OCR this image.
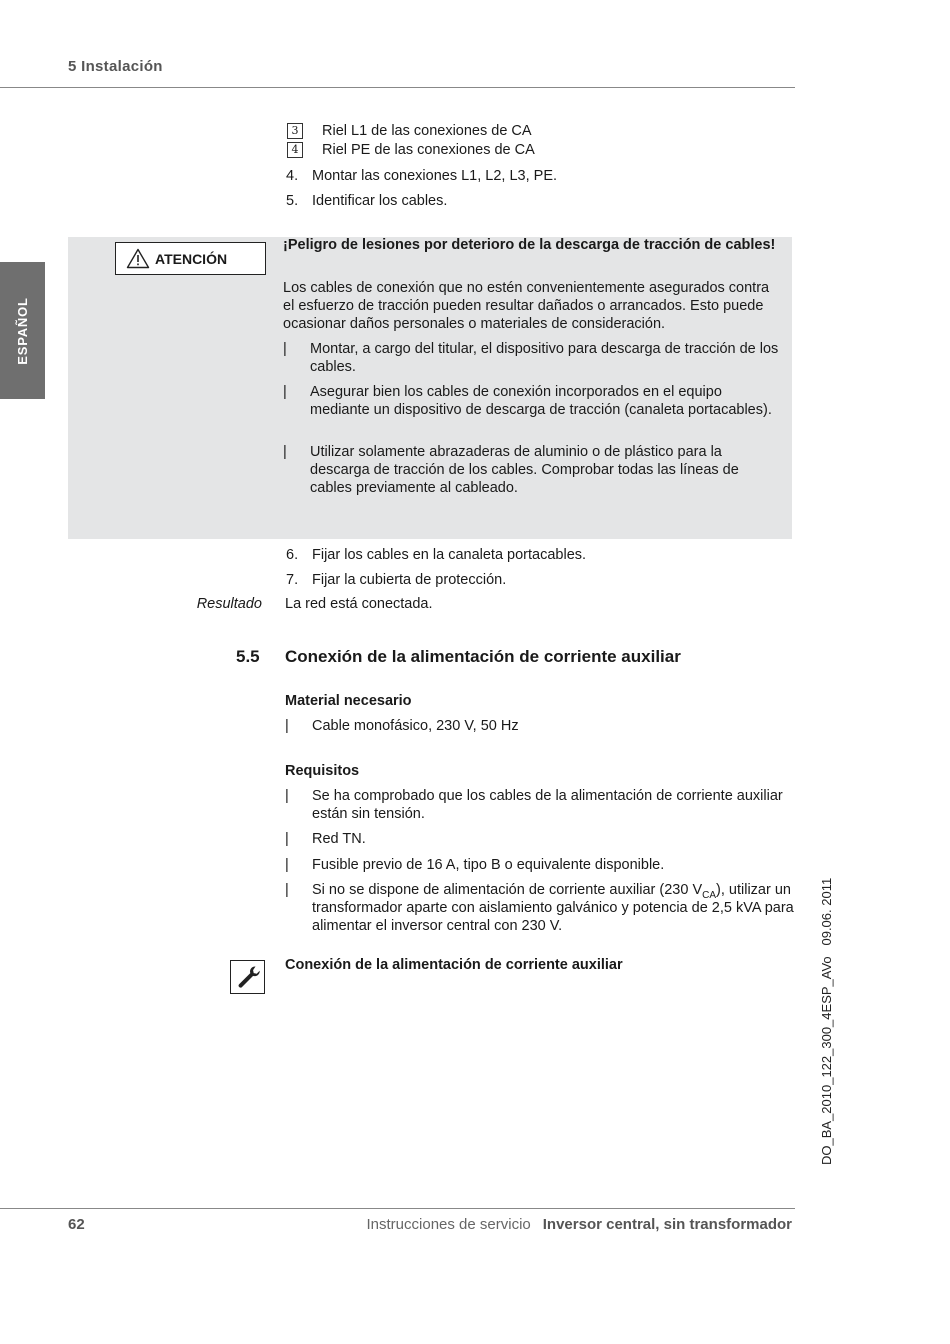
5 Instalación
ESPAÑOL
3	Riel L1 de las conexiones de CA
4	Riel PE de las conexiones de CA
4. Montar las conexiones L1, L2, L3, PE.
5. Identificar los cables.
ATENCIÓN
¡Peligro de lesiones por deterioro de la descarga de tracción de cables!
Los cables de conexión que no estén convenientemente asegurados contra el esfuerzo de tracción pueden resultar dañados o arrancados. Esto puede ocasionar daños personales o materiales de consideración.
|	Montar, a cargo del titular, el dispositivo para descarga de tracción de los cables.
|	Asegurar bien los cables de conexión incorporados en el equipo mediante un dispositivo de descarga de tracción (canaleta portacables).
|	Utilizar solamente abrazaderas de aluminio o de plástico para la descarga de tracción de los cables. Comprobar todas las líneas de cables previamente al cableado.
6. Fijar los cables en la canaleta portacables.
7. Fijar la cubierta de protección.
Resultado La red está conectada.
5.5 Conexión de la alimentación de corriente auxiliar
Material necesario
|	Cable monofásico, 230 V, 50 Hz
Requisitos
|	Se ha comprobado que los cables de la alimentación de corriente auxiliar están sin tensión.
|	Red TN.
|	Fusible previo de 16 A, tipo B o equivalente disponible.
|	Si no se dispone de alimentación de corriente auxiliar (230 $V_{CA}$), utilizar un transformador aparte con aislamiento galvánico y potencia de 2,5 kVA para alimentar el inversor central con 230 V.
Conexión de la alimentación de corriente auxiliar	DO_BA_2010_122_300_4ESP_AVo   09.06. 2011
62	Instrucciones de servicio Inversor central, sin transformador
